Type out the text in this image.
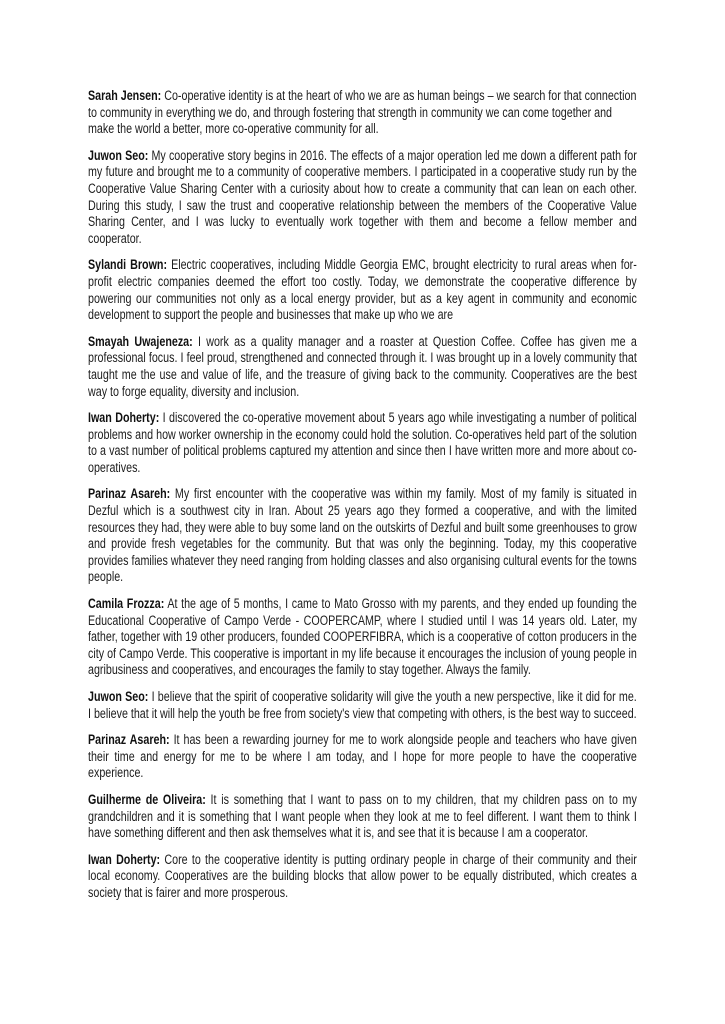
Sarah Jensen: Co-operative identity is at the heart of who we are as human beings – we search for that connection to community in everything we do, and through fostering that strength in community we can come together and make the world a better, more co-operative community for all.

Juwon Seo: My cooperative story begins in 2016. The effects of a major operation led me down a different path for my future and brought me to a community of cooperative members. I participated in a cooperative study run by the Cooperative Value Sharing Center with a curiosity about how to create a community that can lean on each other. During this study, I saw the trust and cooperative relationship between the members of the Cooperative Value Sharing Center, and I was lucky to eventually work together with them and become a fellow member and cooperator.

Sylandi Brown: Electric cooperatives, including Middle Georgia EMC, brought electricity to rural areas when for-profit electric companies deemed the effort too costly. Today, we demonstrate the cooperative difference by powering our communities not only as a local energy provider, but as a key agent in community and economic development to support the people and businesses that make up who we are

Smayah Uwajeneza: I work as a quality manager and a roaster at Question Coffee. Coffee has given me a professional focus. I feel proud, strengthened and connected through it. I was brought up in a lovely community that taught me the use and value of life, and the treasure of giving back to the community. Cooperatives are the best way to forge equality, diversity and inclusion.

Iwan Doherty: I discovered the co-operative movement about 5 years ago while investigating a number of political problems and how worker ownership in the economy could hold the solution. Co-operatives held part of the solution to a vast number of political problems captured my attention and since then I have written more and more about co-operatives.

Parinaz Asareh: My first encounter with the cooperative was within my family. Most of my family is situated in Dezful which is a southwest city in Iran. About 25 years ago they formed a cooperative, and with the limited resources they had, they were able to buy some land on the outskirts of Dezful and built some greenhouses to grow and provide fresh vegetables for the community. But that was only the beginning. Today, my this cooperative provides families whatever they need ranging from holding classes and also organising cultural events for the towns people.

Camila Frozza: At the age of 5 months, I came to Mato Grosso with my parents, and they ended up founding the Educational Cooperative of Campo Verde - COOPERCAMP, where I studied until I was 14 years old. Later, my father, together with 19 other producers, founded COOPERFIBRA, which is a cooperative of cotton producers in the city of Campo Verde. This cooperative is important in my life because it encourages the inclusion of young people in agribusiness and cooperatives, and encourages the family to stay together. Always the family.

Juwon Seo: I believe that the spirit of cooperative solidarity will give the youth a new perspective, like it did for me. I believe that it will help the youth be free from society's view that competing with others, is the best way to succeed.

Parinaz Asareh: It has been a rewarding journey for me to work alongside people and teachers who have given their time and energy for me to be where I am today, and I hope for more people to have the cooperative experience.

Guilherme de Oliveira: It is something that I want to pass on to my children, that my children pass on to my grandchildren and it is something that I want people when they look at me to feel different. I want them to think I have something different and then ask themselves what it is, and see that it is because I am a cooperator.

Iwan Doherty: Core to the cooperative identity is putting ordinary people in charge of their community and their local economy. Cooperatives are the building blocks that allow power to be equally distributed, which creates a society that is fairer and more prosperous.
